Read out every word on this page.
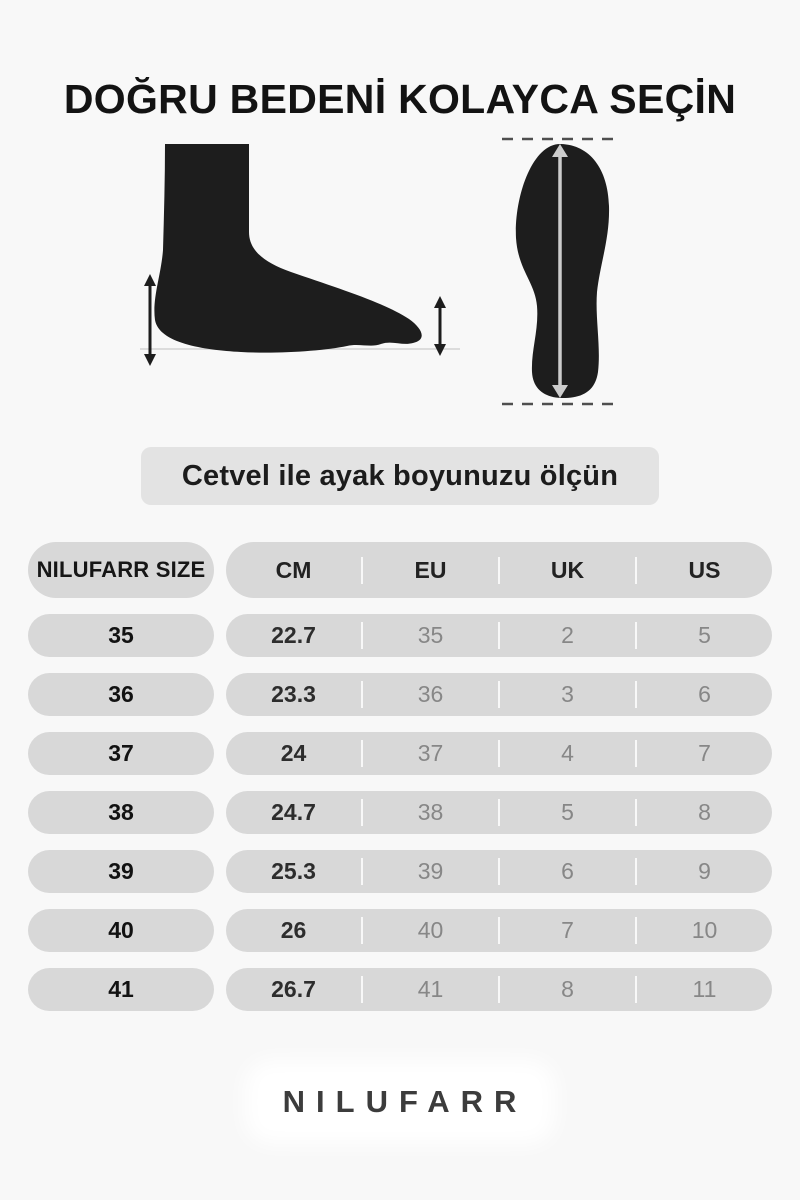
DOĞRU BEDENİ KOLAYCA SEÇİN
Cetvel ile ayak boyunuzu ölçün
NILUFARR SIZE	CM	EU	UK	US
35	22.7	35	2	5
36	23.3	36	3	6
37	24	37	4	7
38	24.7	38	5	8
39	25.3	39	6	9
40	26	40	7	10
41	26.7	41	8	11
NILUFARR
